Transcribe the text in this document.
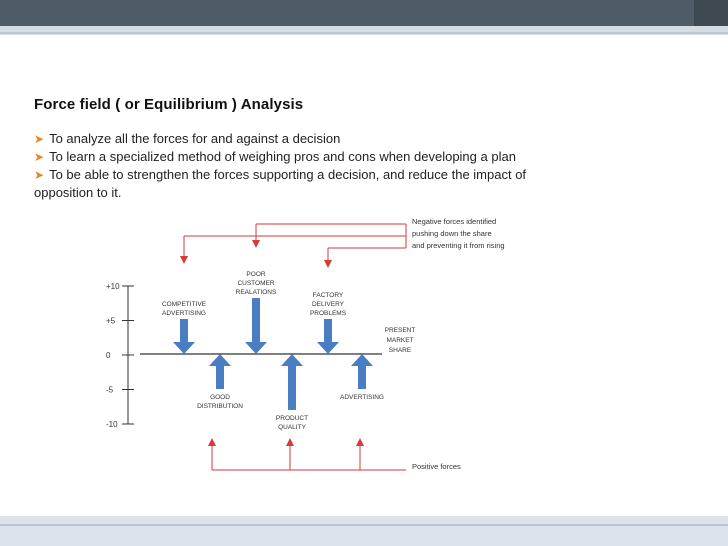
Force field ( or Equilibrium ) Analysis
➤ To analyze all the forces for and against a decision
➤ To learn a specialized method of weighing pros and cons when developing a plan
➤ To be able to strengthen the forces supporting a decision, and reduce the impact of
opposition to it.
+10
+5
0
-5
-10
COMPETITIVE
ADVERTISING
POOR
CUSTOMER
REALATIONS	FACTORY
DELIVERY
PROBLEMS
GOOD
DISTRIBUTION
PRODUCT
QUALITY
ADVERTISING
PRESENT
MARKET
SHARE
Negative forces identified
pushing down the share
and preventing it from rising
Positive forces
